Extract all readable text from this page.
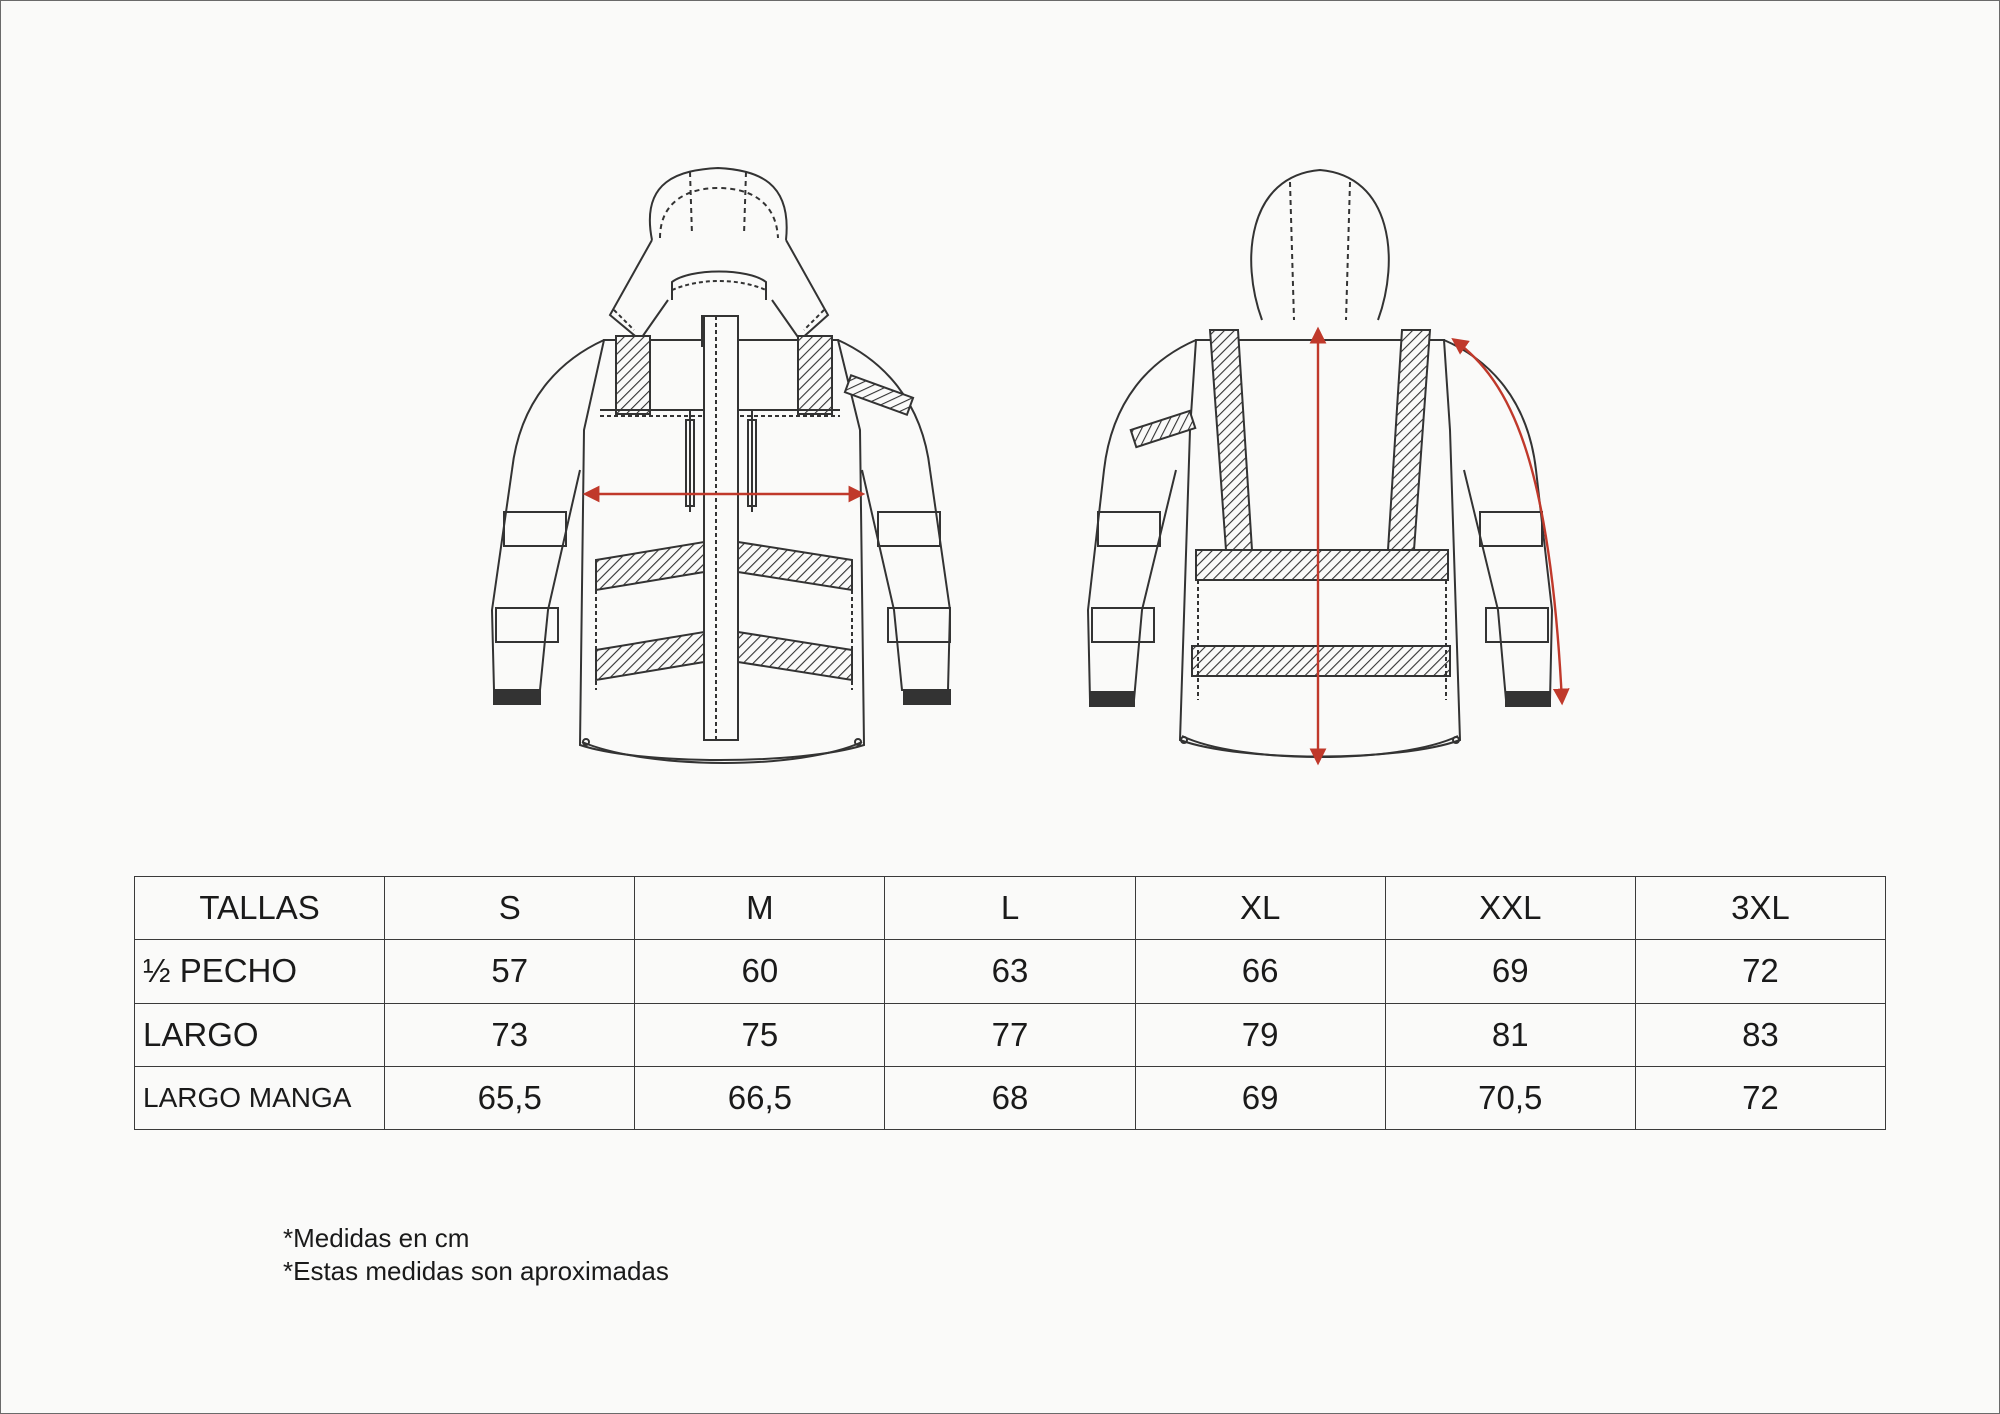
TALLAS	S	M	L	XL	XXL	3XL
½ PECHO	57	60	63	66	69	72
LARGO	73	75	77	79	81	83
LARGO MANGA	65,5	66,5	68	69	70,5	72
*Medidas en cm
*Estas medidas son aproximadas
